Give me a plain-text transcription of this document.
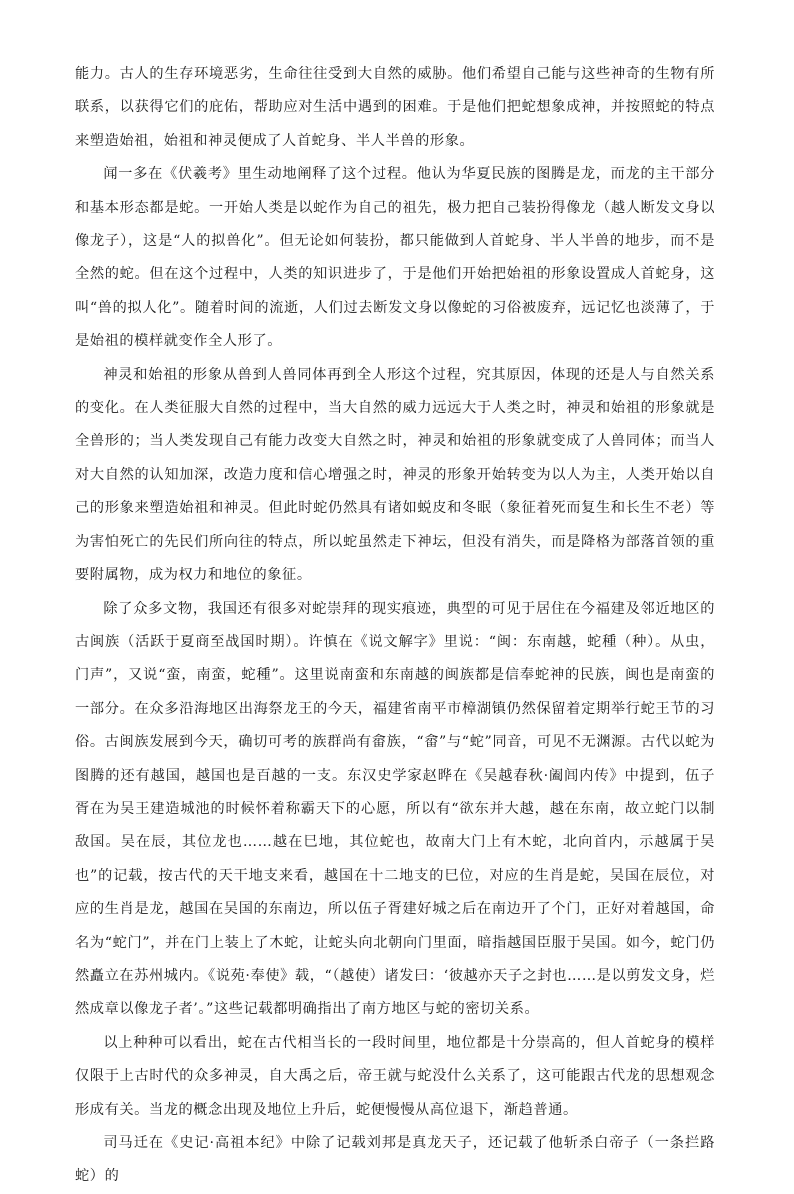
能力。古人的生存环境恶劣，生命往往受到大自然的威胁。他们希望自己能与这些神奇的生物有所联系，以获得它们的庇佑，帮助应对生活中遇到的困难。于是他们把蛇想象成神，并按照蛇的特点来塑造始祖，始祖和神灵便成了人首蛇身、半人半兽的形象。

闻一多在《伏羲考》里生动地阐释了这个过程。他认为华夏民族的图腾是龙，而龙的主干部分和基本形态都是蛇。一开始人类是以蛇作为自己的祖先，极力把自己装扮得像龙（越人断发文身以像龙子），这是“人的拟兽化”。但无论如何装扮，都只能做到人首蛇身、半人半兽的地步，而不是全然的蛇。但在这个过程中，人类的知识进步了，于是他们开始把始祖的形象设置成人首蛇身，这叫“兽的拟人化”。随着时间的流逝，人们过去断发文身以像蛇的习俗被废弃，远记忆也淡薄了，于是始祖的模样就变作全人形了。

神灵和始祖的形象从兽到人兽同体再到全人形这个过程，究其原因，体现的还是人与自然关系的变化。在人类征服大自然的过程中，当大自然的威力远远大于人类之时，神灵和始祖的形象就是全兽形的；当人类发现自己有能力改变大自然之时，神灵和始祖的形象就变成了人兽同体；而当人对大自然的认知加深，改造力度和信心增强之时，神灵的形象开始转变为以人为主，人类开始以自己的形象来塑造始祖和神灵。但此时蛇仍然具有诸如蜕皮和冬眠（象征着死而复生和长生不老）等为害怕死亡的先民们所向往的特点，所以蛇虽然走下神坛，但没有消失，而是降格为部落首领的重要附属物，成为权力和地位的象征。

除了众多文物，我国还有很多对蛇崇拜的现实痕迹，典型的可见于居住在今福建及邻近地区的古闽族（活跃于夏商至战国时期）。许慎在《说文解字》里说：“闽：东南越，蛇種（种）。从虫，门声”，又说“蛮，南蛮，蛇種”。这里说南蛮和东南越的闽族都是信奉蛇神的民族，闽也是南蛮的一部分。在众多沿海地区出海祭龙王的今天，福建省南平市樟湖镇仍然保留着定期举行蛇王节的习俗。古闽族发展到今天，确切可考的族群尚有畲族，“畲”与“蛇”同音，可见不无渊源。古代以蛇为图腾的还有越国，越国也是百越的一支。东汉史学家赵晔在《吴越春秋·阖闾内传》中提到，伍子胥在为吴王建造城池的时候怀着称霸天下的心愿，所以有“欲东并大越，越在东南，故立蛇门以制敌国。吴在辰，其位龙也……越在巳地，其位蛇也，故南大门上有木蛇，北向首内，示越属于吴也”的记载，按古代的天干地支来看，越国在十二地支的巳位，对应的生肖是蛇，吴国在辰位，对应的生肖是龙，越国在吴国的东南边，所以伍子胥建好城之后在南边开了个门，正好对着越国，命名为“蛇门”，并在门上装上了木蛇，让蛇头向北朝向门里面，暗指越国臣服于吴国。如今，蛇门仍然矗立在苏州城内。《说苑·奉使》载，“（越使）诸发曰：‘彼越亦天子之封也……是以剪发文身，烂然成章以像龙子者’。”这些记载都明确指出了南方地区与蛇的密切关系。

以上种种可以看出，蛇在古代相当长的一段时间里，地位都是十分崇高的，但人首蛇身的模样仅限于上古时代的众多神灵，自大禹之后，帝王就与蛇没什么关系了，这可能跟古代龙的思想观念形成有关。当龙的概念出现及地位上升后，蛇便慢慢从高位退下，渐趋普通。

司马迁在《史记·高祖本纪》中除了记载刘邦是真龙天子，还记载了他斩杀白帝子（一条拦路蛇）的
